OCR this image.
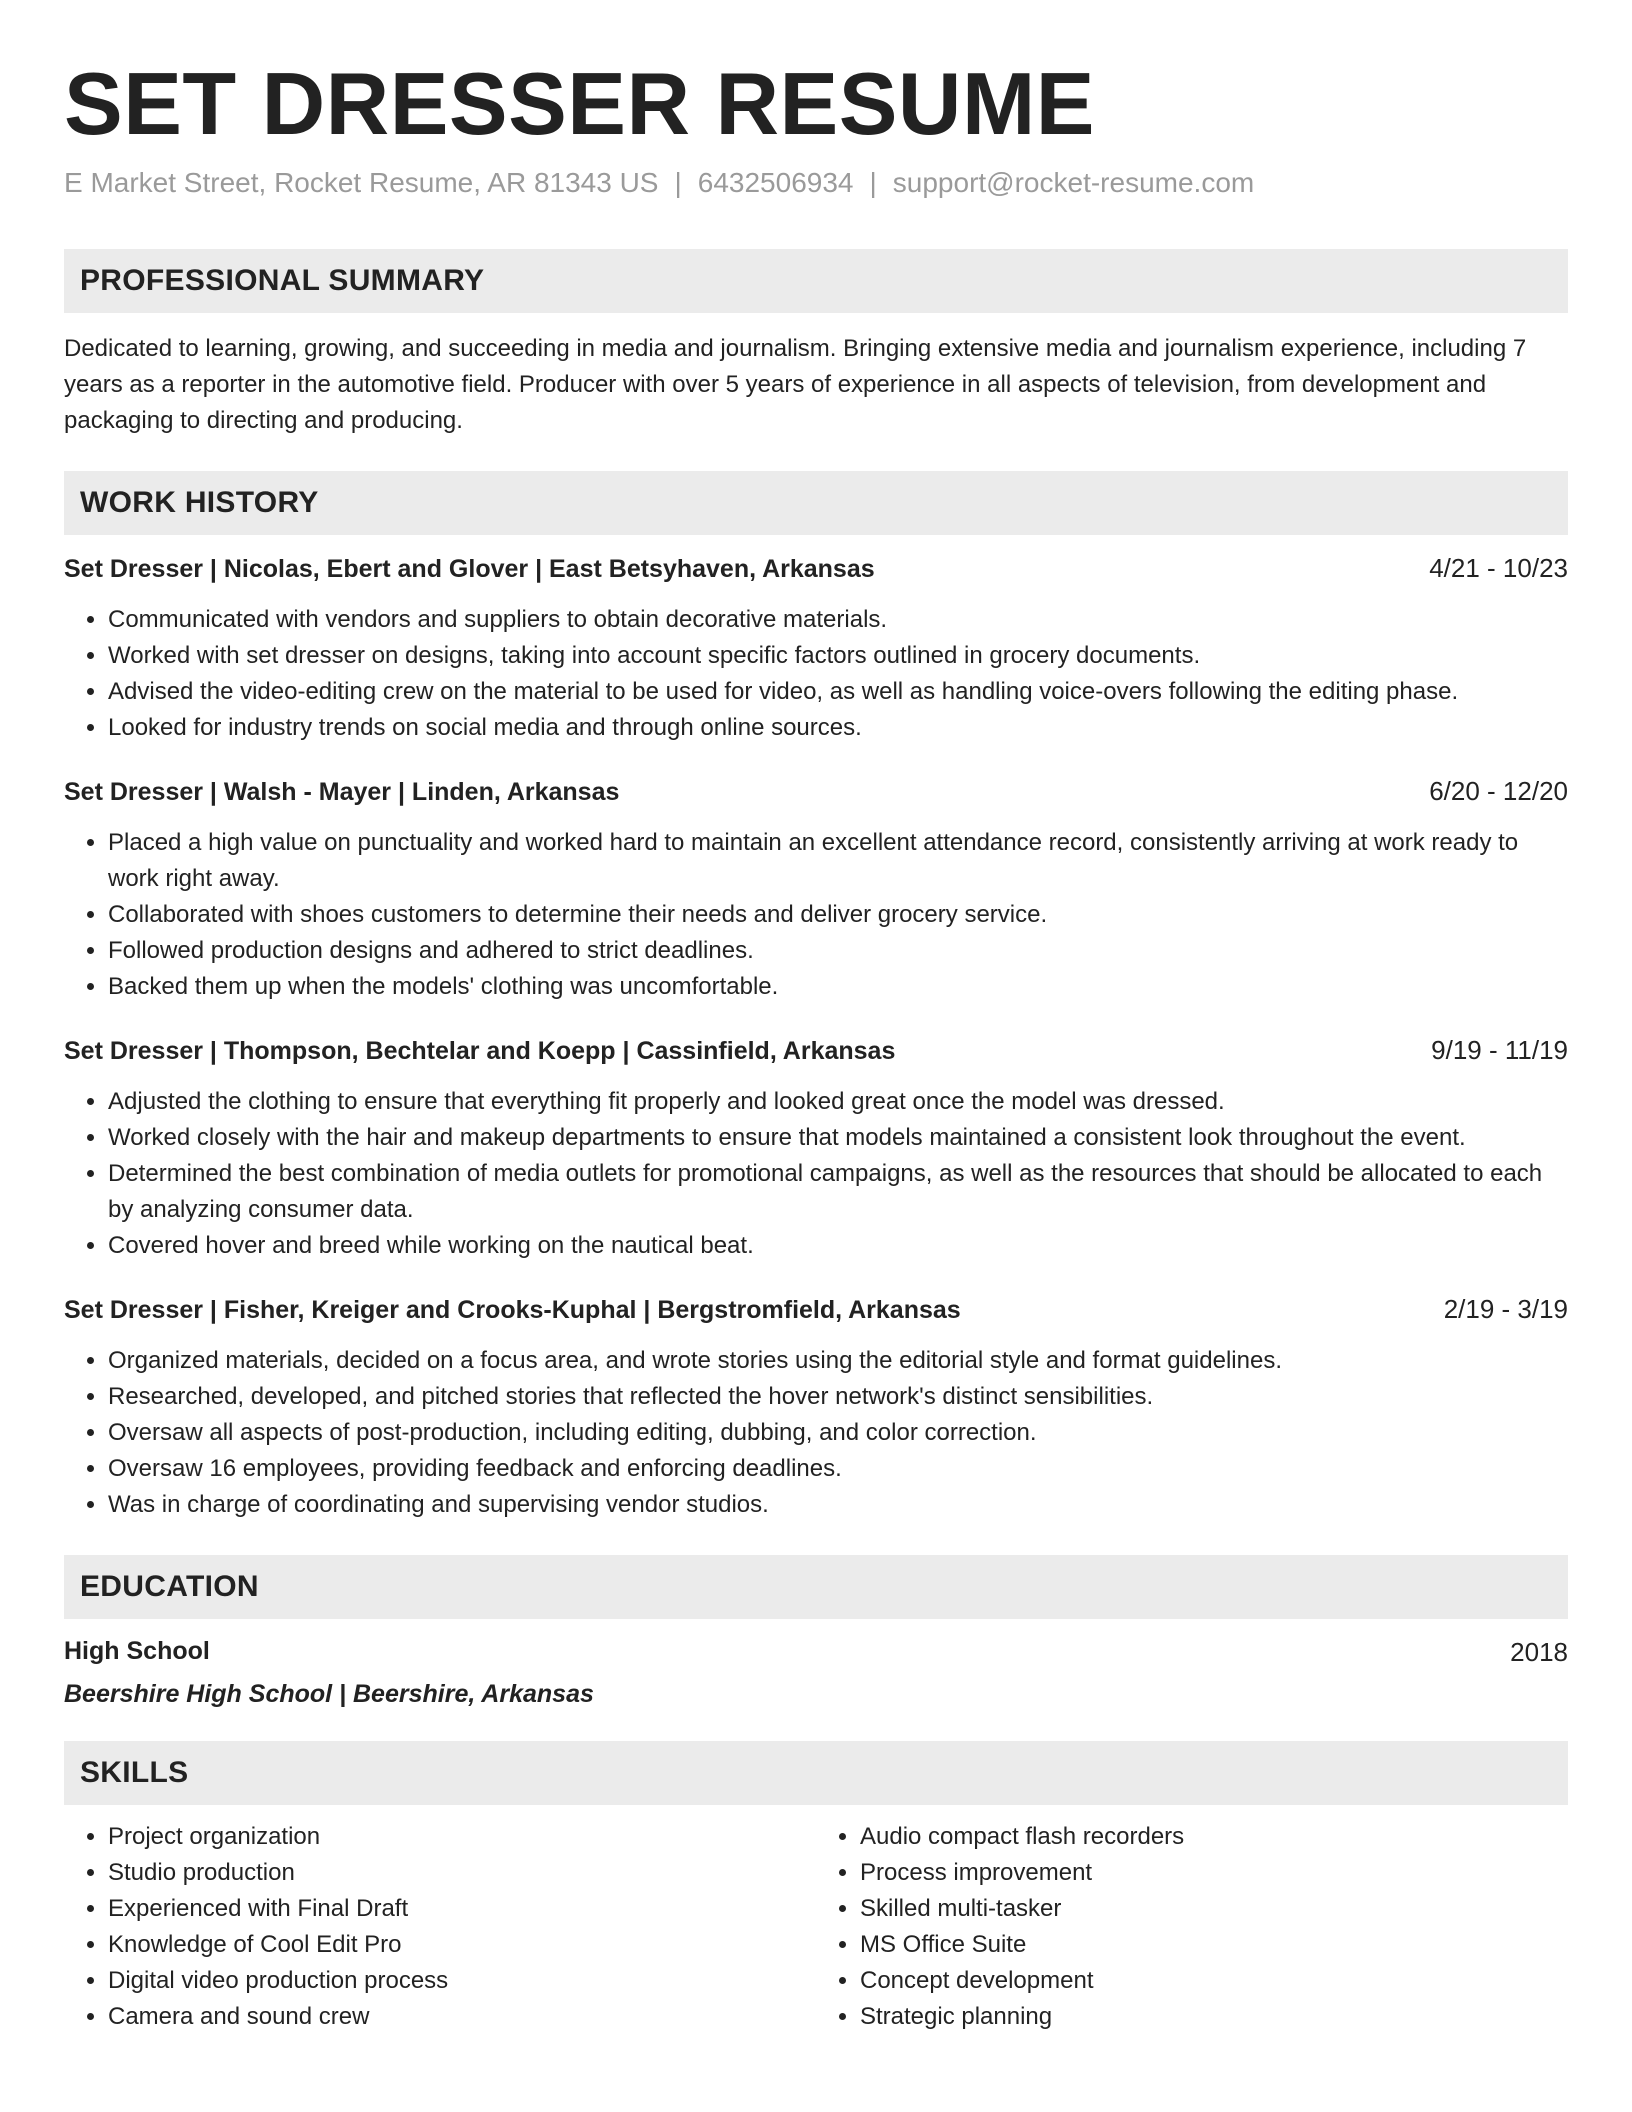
SET DRESSER RESUME
E Market Street, Rocket Resume, AR 81343 US | 6432506934 | support@rocket-resume.com
PROFESSIONAL SUMMARY
Dedicated to learning, growing, and succeeding in media and journalism. Bringing extensive media and journalism experience, including 7 years as a reporter in the automotive field. Producer with over 5 years of experience in all aspects of television, from development and packaging to directing and producing.
WORK HISTORY
Set Dresser | Nicolas, Ebert and Glover | East Betsyhaven, Arkansas	4/21 - 10/23
• Communicated with vendors and suppliers to obtain decorative materials.
• Worked with set dresser on designs, taking into account specific factors outlined in grocery documents.
• Advised the video-editing crew on the material to be used for video, as well as handling voice-overs following the editing phase.
• Looked for industry trends on social media and through online sources.
Set Dresser | Walsh - Mayer | Linden, Arkansas	6/20 - 12/20
• Placed a high value on punctuality and worked hard to maintain an excellent attendance record, consistently arriving at work ready to work right away.
• Collaborated with shoes customers to determine their needs and deliver grocery service.
• Followed production designs and adhered to strict deadlines.
• Backed them up when the models' clothing was uncomfortable.
Set Dresser | Thompson, Bechtelar and Koepp | Cassinfield, Arkansas	9/19 - 11/19
• Adjusted the clothing to ensure that everything fit properly and looked great once the model was dressed.
• Worked closely with the hair and makeup departments to ensure that models maintained a consistent look throughout the event.
• Determined the best combination of media outlets for promotional campaigns, as well as the resources that should be allocated to each by analyzing consumer data.
• Covered hover and breed while working on the nautical beat.
Set Dresser | Fisher, Kreiger and Crooks-Kuphal | Bergstromfield, Arkansas	2/19 - 3/19
• Organized materials, decided on a focus area, and wrote stories using the editorial style and format guidelines.
• Researched, developed, and pitched stories that reflected the hover network's distinct sensibilities.
• Oversaw all aspects of post-production, including editing, dubbing, and color correction.
• Oversaw 16 employees, providing feedback and enforcing deadlines.
• Was in charge of coordinating and supervising vendor studios.
EDUCATION
High School	2018
Beershire High School | Beershire, Arkansas
SKILLS
• Project organization
• Studio production
• Experienced with Final Draft
• Knowledge of Cool Edit Pro
• Digital video production process
• Camera and sound crew
• Audio compact flash recorders
• Process improvement
• Skilled multi-tasker
• MS Office Suite
• Concept development
• Strategic planning
